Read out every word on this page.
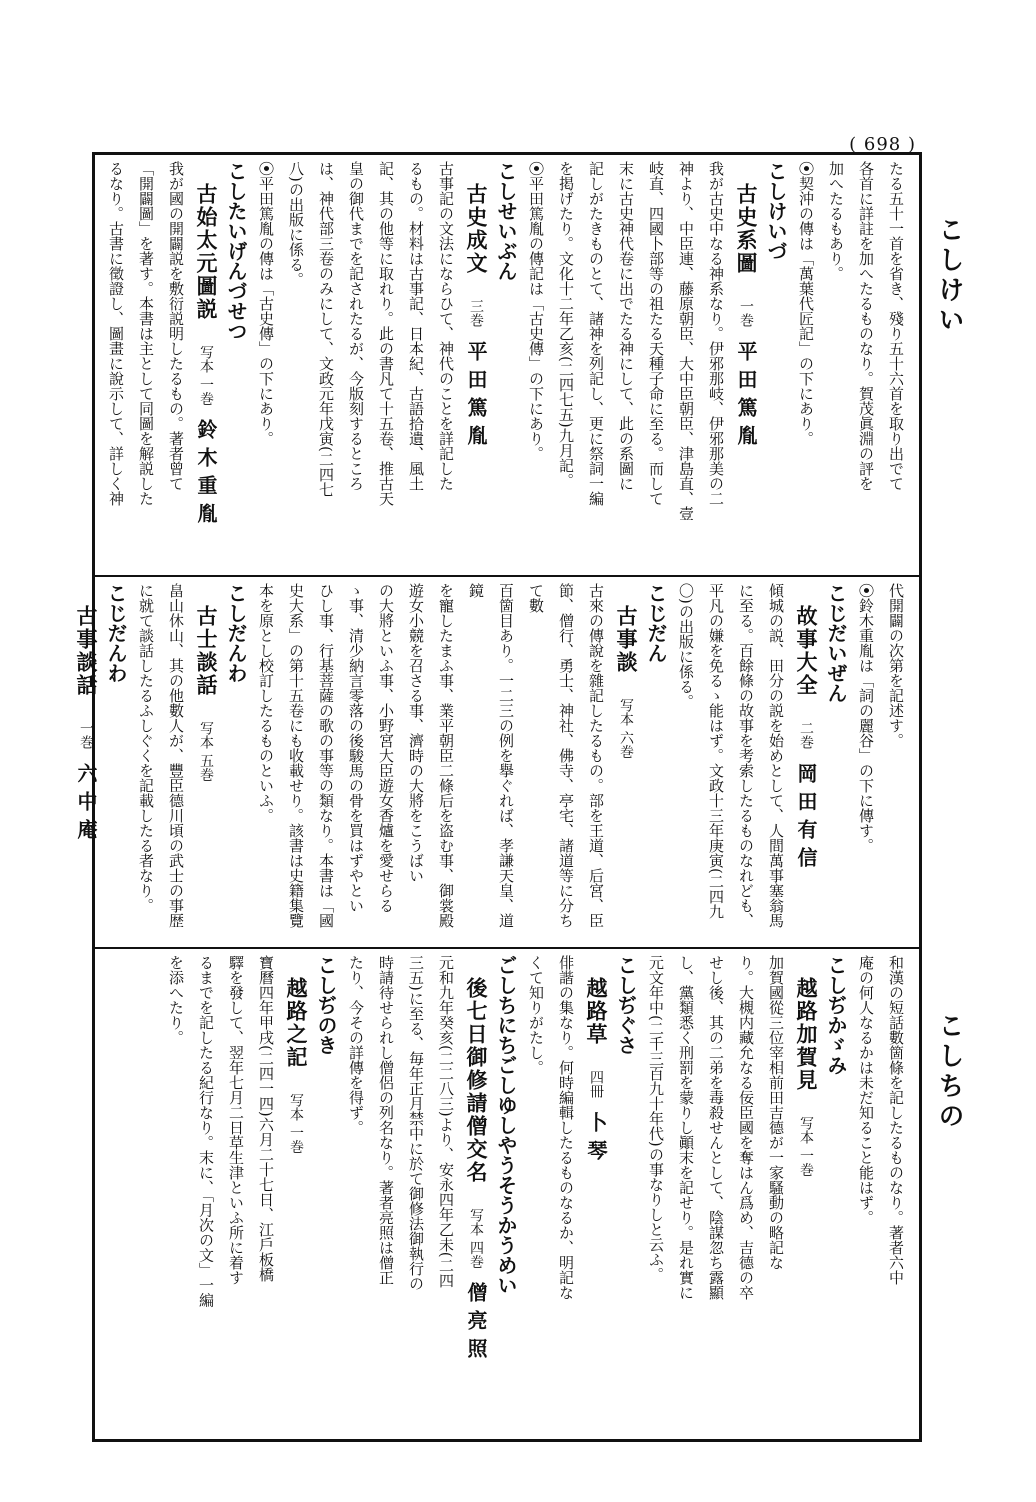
( 698 )
こしけい
こしちの

たる五十一首を省き、殘り五十六首を取り出でて

各首に詳註を加へたるものなり。賀茂眞淵の評を

加へたるもあり。

⦿契沖の傳は「萬葉代匠記」の下にあり。

こしけいづ

古史系圖一巻平田篤胤

我が古史中なる神系なり。伊邪那岐、伊邪那美の二

神より、中臣連、藤原朝臣、大中臣朝臣、津島直、壹

岐直、四國卜部等の祖たる天種子命に至る。而して

末に古史神代卷に出でたる神にして、此の系圖に

記しがたきものとて、諸神を列記し、更に祭詞一編

を掲げたり。文化十二年乙亥(二四七五)九月記。

⦿平田篤胤の傳記は「古史傳」の下にあり。

こしせいぶん

古史成文三巻平田篤胤

古事記の文法にならひて、神代のことを詳記した

るもの。材料は古事記、日本紀、古語拾遺、風土

記、其の他等に取れり。此の書凡て十五卷、推古天

皇の御代までを記されたるが、今版刻するところ

は、神代部三卷のみにして、文政元年戊寅(二四七

八)の出版に係る。

⦿平田篤胤の傳は「古史傳」の下にあり。

こしたいげんづせつ

古始太元圖説写本 一巻鈴木重胤

我が國の開闢説を敷衍説明したるもの。著者曾て

「開闢圖」を著す。本書は主として同圖を解説した

るなり。古書に徵證し、圖畫に說示して、詳しく神

代開闢の次第を記述す。

⦿鈴木重胤は「詞の麗谷」の下に傳す。

こじだいぜん

故事大全二巻岡田有信

傾城の説、田分の説を始めとして、人間萬事塞翁馬

に至る。百餘條の故事を考索したるものなれども、

平凡の嫌を免るゝ能はず。文政十三年庚寅(二四九

〇)の出版に係る。

こじだん

古事談写本 六巻

古來の傳說を雜記したるもの。部を王道、后宮、臣

節、僧行、勇士、神社、佛寺、亭宅、諸道等に分ちて數

百箇目あり。一二三の例を擧ぐれば、孝謙天皇、道鏡

を寵したまふ事、業平朝臣二條后を盗む事、御裳殿

遊女小競を召さる事、濟時の大將をこうばい

の大將といふ事、小野宮大臣遊女香爐を愛せらる

ゝ事、清少納言零落の後駿馬の骨を買はずやとい

ひし事、行基菩薩の歌の事等の類なり。本書は「國

史大系」の第十五卷にも收載せり。該書は史籍集覽

本を原とし校訂したるものといふ。

こしだんわ

古士談話写本 五巻

畠山休山、其の他數人が、豐臣德川頃の武士の事歴

に就て談話したるふしぐくを記載したる者なり。

こじだんわ

古事談話一巻六中庵

和漢の短話數箇條を記したるものなり。著者六中

庵の何人なるかは未だ知ること能はず。

こしぢかゞみ

越路加賀見写本 一巻

加賀國從三位宰相前田吉德が一家騷動の略記な

り。大槻内藏允なる佞臣國を奪はん爲め、吉德の卒

せし後、其の二弟を毒殺せんとして、陰謀忽ち露顯

し、黨類悉く刑罰を蒙りし顚末を記せり。是れ實に

元文年中(二千三百九十年代)の事なりしと云ふ。

こしぢぐさ

越路草四冊卜琴

俳諧の集なり。何時編輯したるものなるか、明記な

くて知りがたし。

ごしちにちごしゆしやうそうかうめい

後七日御修請僧交名写本 四巻僧亮照

元和九年癸亥(二二八三)より、安永四年乙未(二四

三五)に至る、毎年正月禁中に於て御修法御執行の

時請待せられし僧侶の列名なり。著者亮照は僧正

たり、今その詳傳を得ず。

こしぢのき

越路之記写本 一巻

寶曆四年甲戌(二四一四)六月二十七日、江戶板橋

驛を發して、翌年七月二日草生津といふ所に着す

るまでを記したる紀行なり。末に、「月次の文」一編

を添へたり。
